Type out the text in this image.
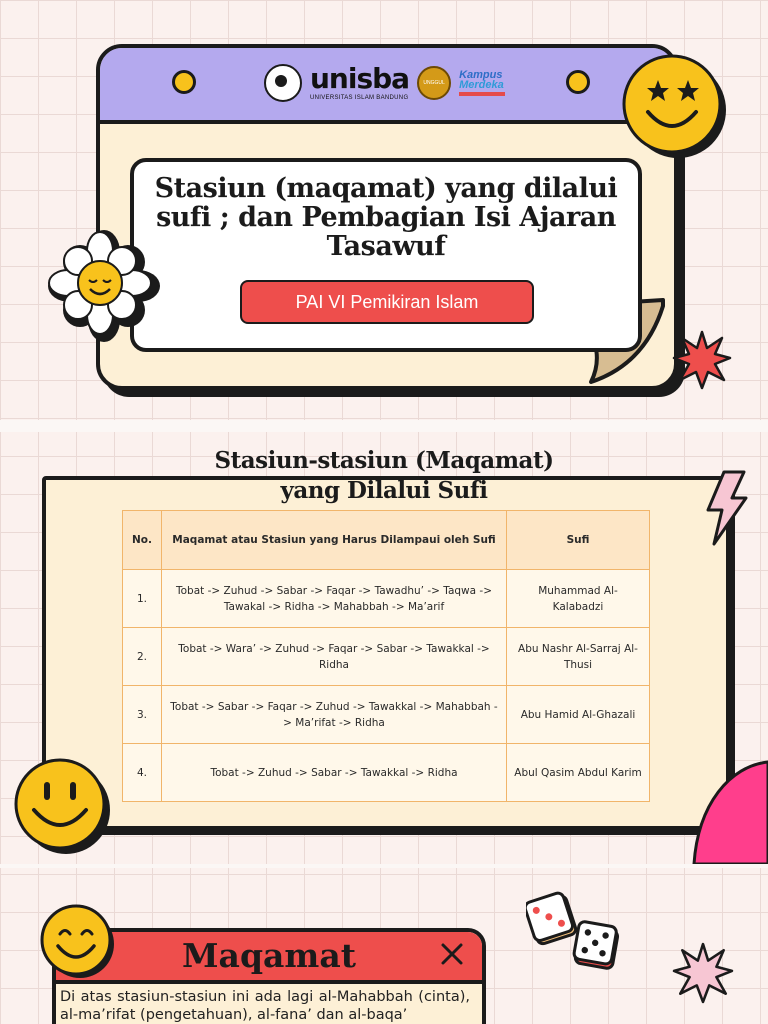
unisba
UNIVERSITAS ISLAM BANDUNG
UNGGUL
Kampus
Merdeka
Stasiun (maqamat) yang dilalui sufi ; dan Pembagian Isi Ajaran Tasawuf
PAI VI Pemikiran Islam
No.	Maqamat atau Stasiun yang Harus Dilampaui oleh Sufi	Sufi
1.	Tobat -> Zuhud -> Sabar -> Faqar -> Tawadhu’ -> Taqwa -> Tawakal -> Ridha -> Mahabbah -> Ma’arif	Muhammad Al-Kalabadzi
2.	Tobat -> Wara’ -> Zuhud -> Faqar -> Sabar -> Tawakkal -> Ridha	Abu Nashr Al-Sarraj Al-Thusi
3.	Tobat -> Sabar -> Faqar -> Zuhud -> Tawakkal -> Mahabbah -> Ma’rifat -> Ridha	Abu Hamid Al-Ghazali
4.	Tobat -> Zuhud -> Sabar -> Tawakkal -> Ridha	Abul Qasim Abdul Karim
Stasiun-stasiun (Maqamat) yang Dilalui Sufi
Maqamat

Di atas stasiun-stasiun ini ada lagi al-Mahabbah (cinta), al-ma’rifat (pengetahuan), al-fana’ dan al-baqa’
